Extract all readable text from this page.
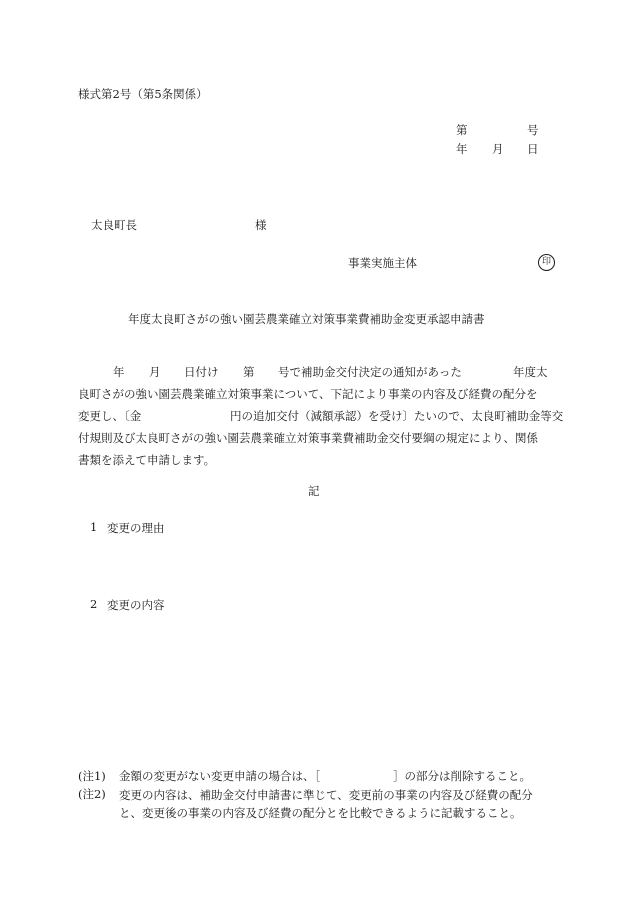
様式第2号（第5条関係）
第	号
年 月 日
太良町長	様
事業実施主体	印
年度太良町さがの強い園芸農業確立対策事業費補助金変更承認申請書
年 月 日付け 第 号で補助金交付決定の通知があった	年度太
良町さがの強い園芸農業確立対策事業について、下記により事業の内容及び経費の配分を
変更し、〔金	円の追加交付（減額承認）を受け〕たいので、太良町補助金等交
付規則及び太良町さがの強い園芸農業確立対策事業費補助金交付要綱の規定により、関係
書類を添えて申請します。
記
1 変更の理由
2 変更の内容
(注1) 金額の変更がない変更申請の場合は、［	］の部分は削除すること。
(注2) 変更の内容は、補助金交付申請書に準じて、変更前の事業の内容及び経費の配分と、変更後の事業の内容及び経費の配分とを比較できるように記載すること。
